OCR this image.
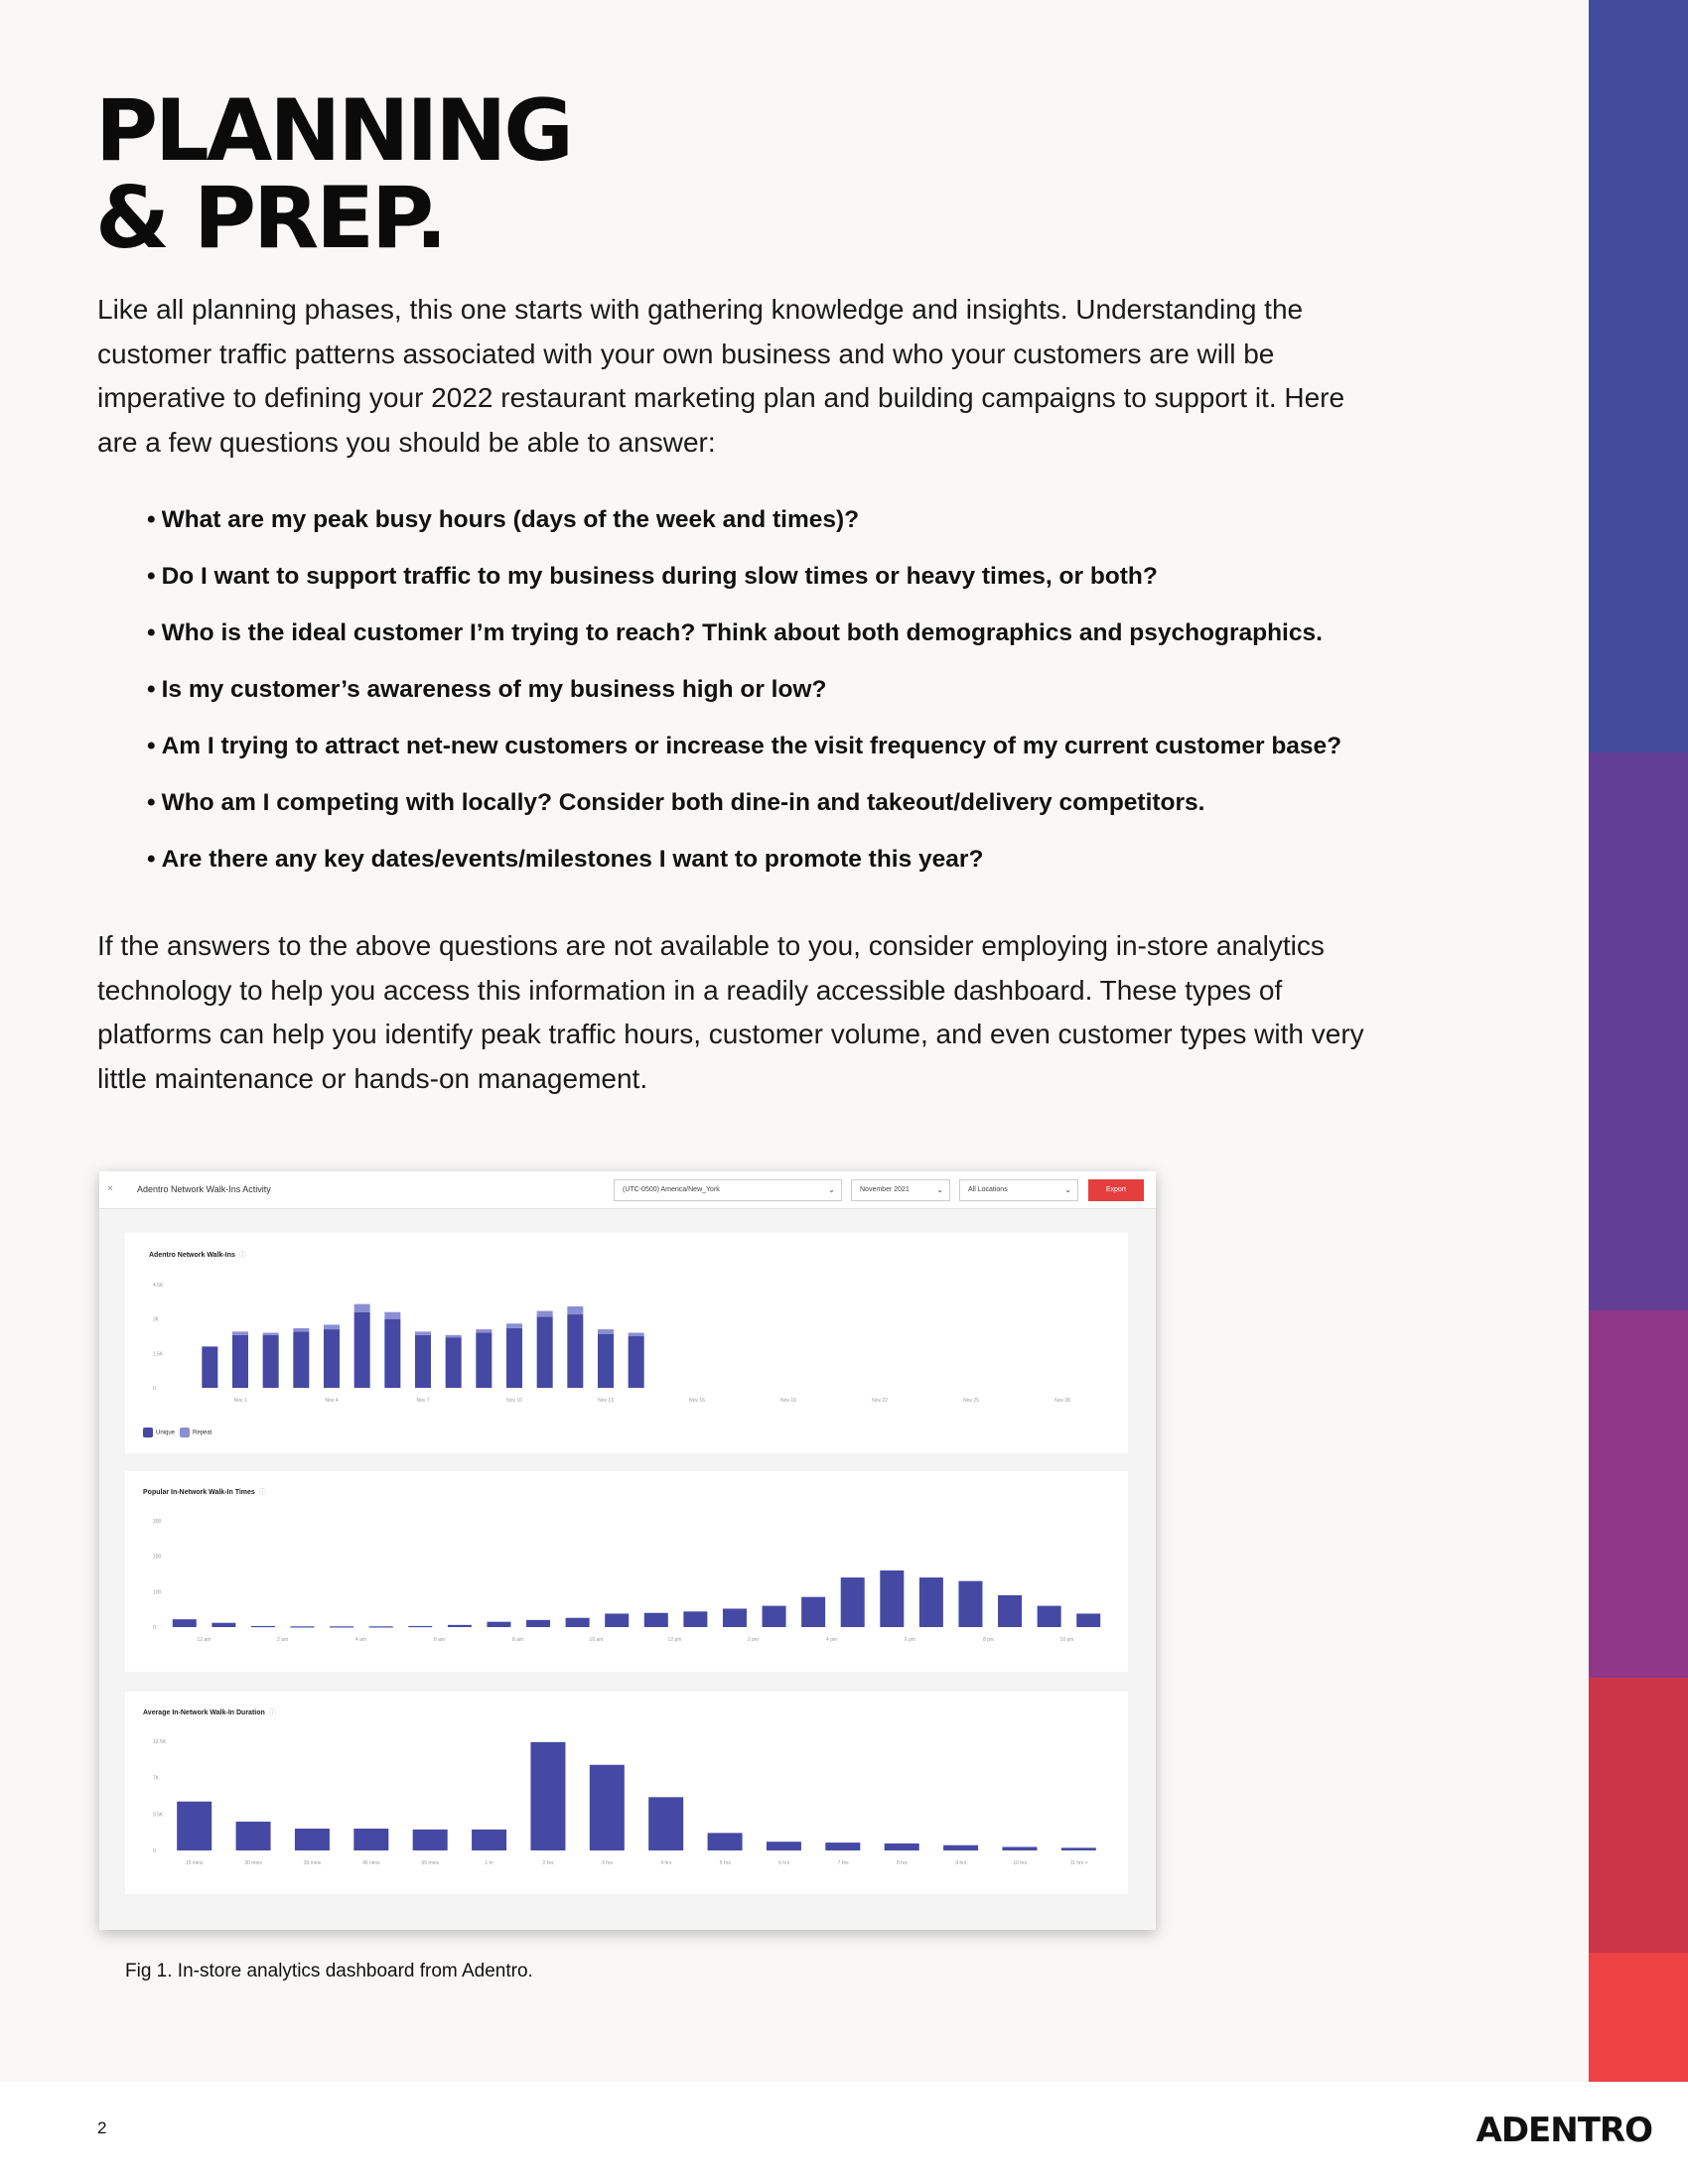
PLANNING
& PREP.

Like all planning phases, this one starts with gathering knowledge and insights. Understanding the customer traffic patterns associated with your own business and who your customers are will be imperative to defining your 2022 restaurant marketing plan and building campaigns to support it. Here are a few questions you should be able to answer:

• What are my peak busy hours (days of the week and times)?
• Do I want to support traffic to my business during slow times or heavy times, or both?
• Who is the ideal customer I’m trying to reach? Think about both demographics and psychographics.
• Is my customer’s awareness of my business high or low?
• Am I trying to attract net-new customers or increase the visit frequency of my current customer base?
• Who am I competing with locally? Consider both dine-in and takeout/delivery competitors.
• Are there any key dates/events/milestones I want to promote this year?

If the answers to the above questions are not available to you, consider employing in-store analytics technology to help you access this information in a readily accessible dashboard. These types of platforms can help you identify peak traffic hours, customer volume, and even customer types with very little maintenance or hands-on management.

×	Adentro Network Walk-Ins Activity	(UTC-0500) America/New_York	⌄	November 2021	⌄	All Locations	⌄	Export
Adentro Network Walk-Ins ⓘ
4.5K
3K
1.5K
0
Nov 1	Nov 4	Nov 7	Nov 10	Nov 13	Nov 16	Nov 19	Nov 22	Nov 25	Nov 28
Unique	Repeat
Popular In-Network Walk-In Times ⓘ
300
200
100
0
12 am	2 am	4 am	6 am	8 am	10 am	12 pm	2 pm	4 pm	6 pm	8 pm	10 pm
Average In-Network Walk-In Duration ⓘ
12.5K
7K
3.5K
0
15 mins	30 mins	35 mins	45 mins	55 mins	1 hr	2 hrs	3 hrs	4 hrs	5 hrs	6 hrs	7 hrs	8 hrs	9 hrs	10 hrs	11 hrs +
Fig 1. In-store analytics dashboard from Adentro.
2	ADENTRO
